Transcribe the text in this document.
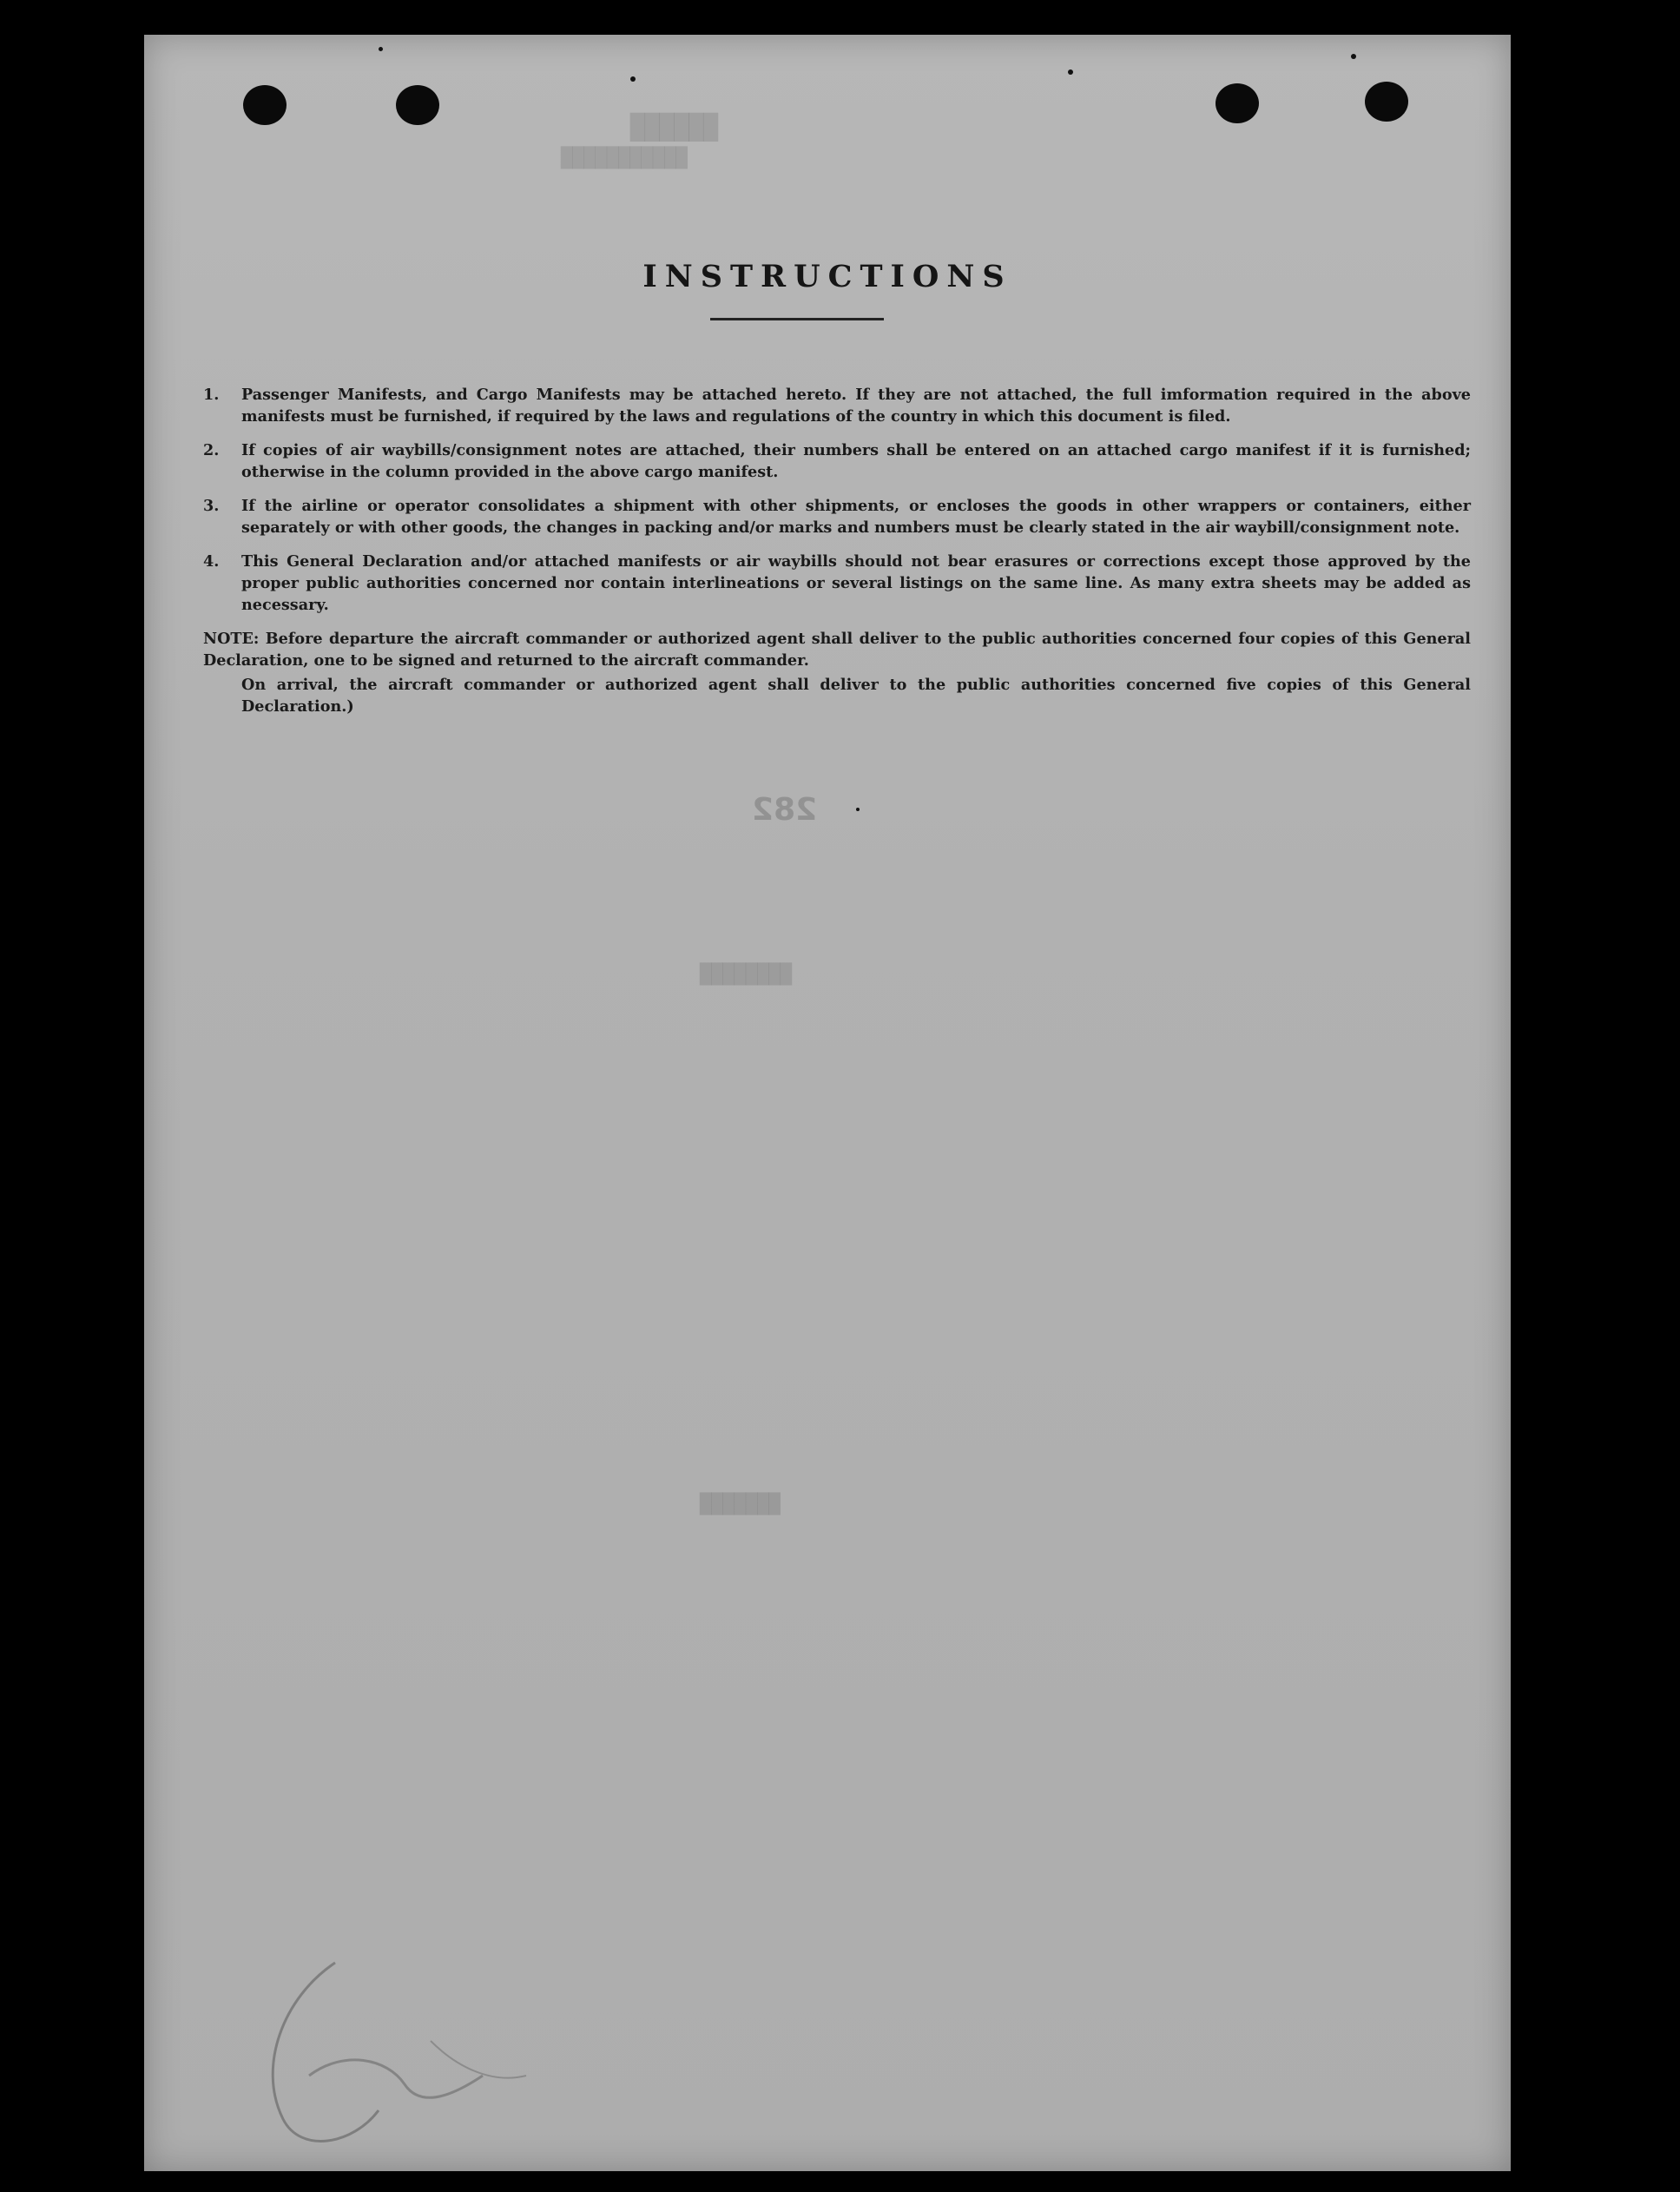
██████
███████████
████████
███████
INSTRUCTIONS
1. Passenger Manifests, and Cargo Manifests may be attached hereto. If they are not attached, the full imformation required in the above manifests must be furnished, if required by the laws and regulations of the country in which this document is filed.
2. If copies of air waybills/consignment notes are attached, their numbers shall be entered on an attached cargo manifest if it is furnished; otherwise in the column provided in the above cargo manifest.
3. If the airline or operator consolidates a shipment with other shipments, or encloses the goods in other wrappers or containers, either separately or with other goods, the changes in packing and/or marks and numbers must be clearly stated in the air waybill/consignment note.
4. This General Declaration and/or attached manifests or air waybills should not bear erasures or corrections except those approved by the proper public authorities concerned nor contain interlineations or several listings on the same line. As many extra sheets may be added as necessary.
NOTE: Before departure the aircraft commander or authorized agent shall deliver to the public authorities concerned four copies of this General Declaration, one to be signed and returned to the aircraft commander.
On arrival, the aircraft commander or authorized agent shall deliver to the public authorities concerned five copies of this General Declaration.)
282
